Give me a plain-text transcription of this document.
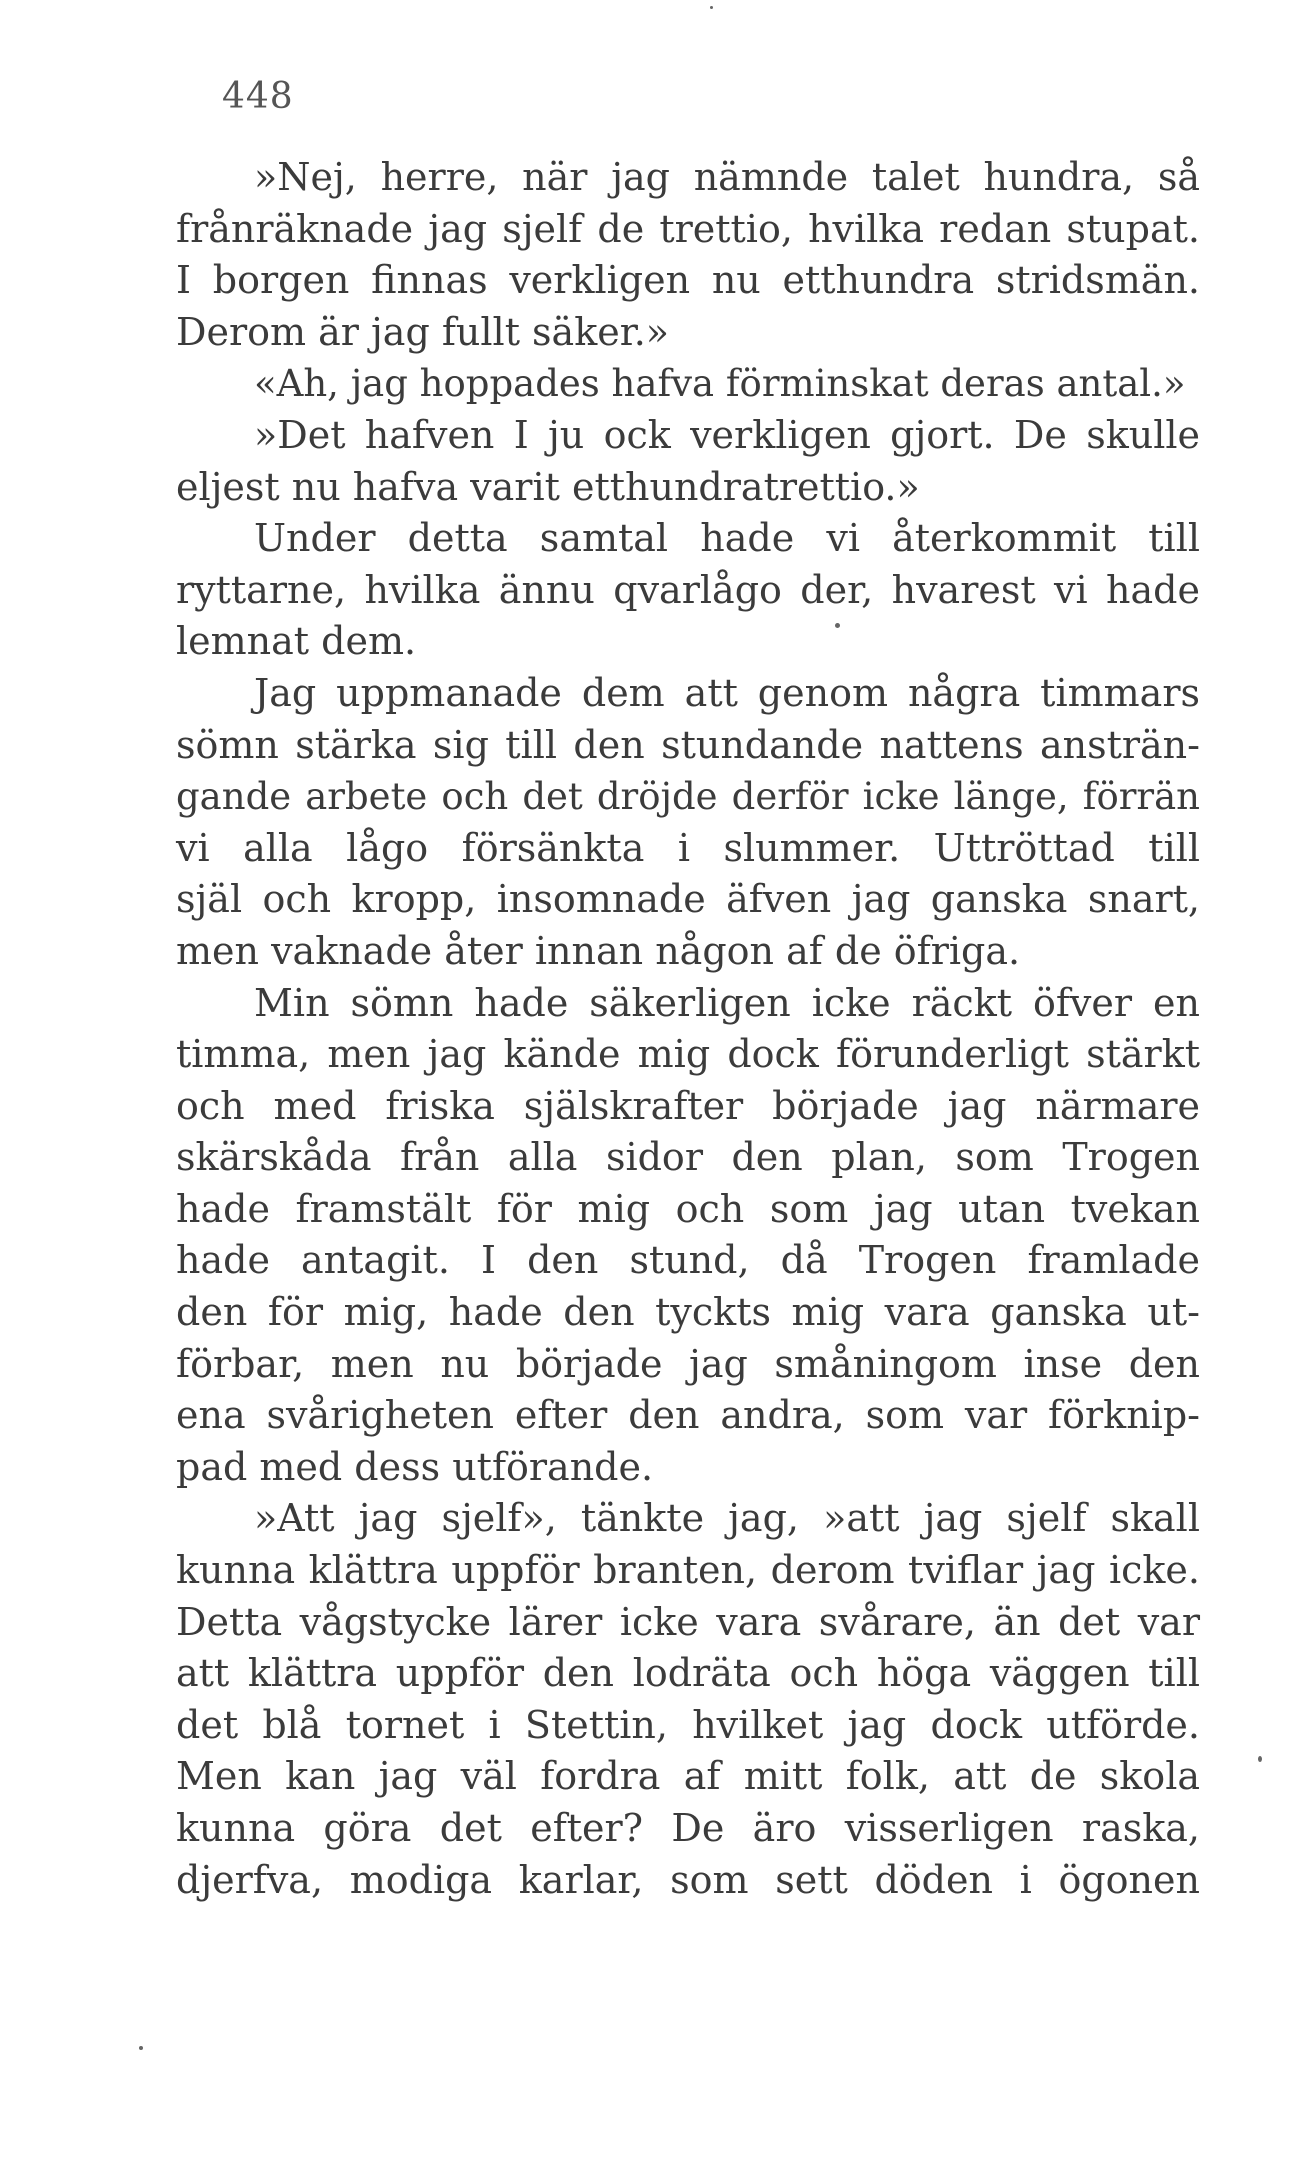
448
»Nej, herre, när jag nämnde talet hundra, så
frånräknade jag sjelf de trettio, hvilka redan stupat.
I borgen finnas verkligen nu etthundra stridsmän.
Derom är jag fullt säker.»
«Ah, jag hoppades hafva förminskat deras antal.»
»Det hafven I ju ock verkligen gjort. De skulle
eljest nu hafva varit etthundratrettio.»
Under detta samtal hade vi återkommit till
ryttarne, hvilka ännu qvarlågo der, hvarest vi hade
lemnat dem.
Jag uppmanade dem att genom några timmars
sömn stärka sig till den stundande nattens ansträn-
gande arbete och det dröjde derför icke länge, förrän
vi alla lågo försänkta i slummer. Uttröttad till
själ och kropp, insomnade äfven jag ganska snart,
men vaknade åter innan någon af de öfriga.
Min sömn hade säkerligen icke räckt öfver en
timma, men jag kände mig dock förunderligt stärkt
och med friska själskrafter började jag närmare
skärskåda från alla sidor den plan, som Trogen
hade framstält för mig och som jag utan tvekan
hade antagit. I den stund, då Trogen framlade
den för mig, hade den tyckts mig vara ganska ut-
förbar, men nu började jag småningom inse den
ena svårigheten efter den andra, som var förknip-
pad med dess utförande.
»Att jag sjelf», tänkte jag, »att jag sjelf skall
kunna klättra uppför branten, derom tviflar jag icke.
Detta vågstycke lärer icke vara svårare, än det var
att klättra uppför den lodräta och höga väggen till
det blå tornet i Stettin, hvilket jag dock utförde.
Men kan jag väl fordra af mitt folk, att de skola
kunna göra det efter? De äro visserligen raska,
djerfva, modiga karlar, som sett döden i ögonen
